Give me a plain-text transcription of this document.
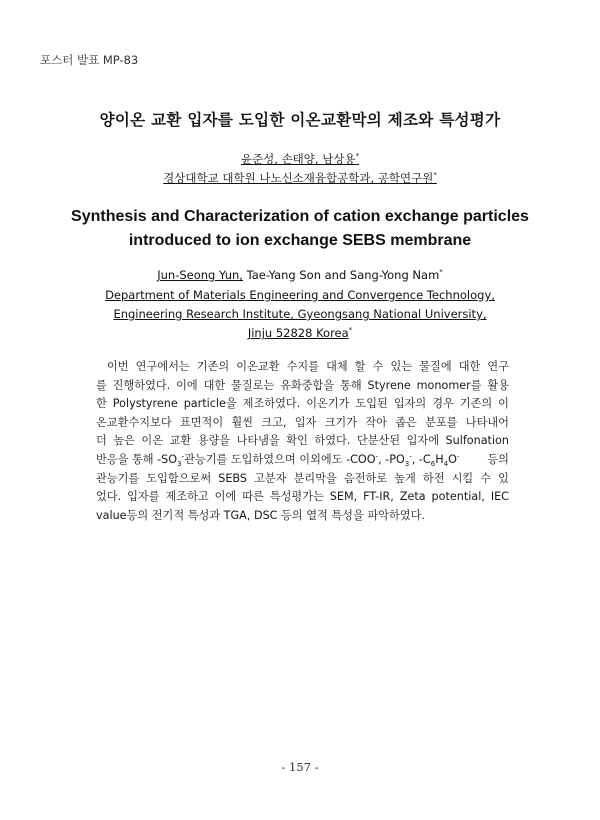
포스터 발표 MP-83
양이온 교환 입자를 도입한 이온교환막의 제조와 특성평가
윤준성, 손태양, 남상용*
경상대학교 대학원 나노신소재융합공학과, 공학연구원*
Synthesis and Characterization of cation exchange particles
introduced to ion exchange SEBS membrane
Jun-Seong Yun, Tae-Yang Son and Sang-Yong Nam*
Department of Materials Engineering and Convergence Technology,
Engineering Research Institute, Gyeongsang National University,
Jinju 52828 Korea*
이번 연구에서는 기존의 이온교환 수지를 대체 할 수 있는 물질에 대한 연구
를 진행하였다. 이에 대한 물질로는 유화중합을 통해 Styrene monomer를 활용
한 Polystyrene particle을 제조하였다. 이온기가 도입된 입자의 경우 기존의 이
온교환수지보다 표면적이 훨씬 크고, 입자 크기가 작아 좁은 분포를 나타내어
더 높은 이온 교환 용량을 나타냄을 확인 하였다. 단분산된 입자에 Sulfonation
반응을 통해 $-SO_3^-$관능기를 도입하였으며 이외에도 -COO-, $-PO_3^-$, $-C_6H_4O^-$ 등의
관능기를 도입함으로써 SEBS 고분자 분리막을 음전하로 높게 하전 시킬 수 있
었다. 입자를 제조하고 이에 따른 특성평가는 SEM, FT-IR, Zeta potential, IEC
value등의 전기적 특성과 TGA, DSC 등의 열적 특성을 파악하였다.
- 157 -
